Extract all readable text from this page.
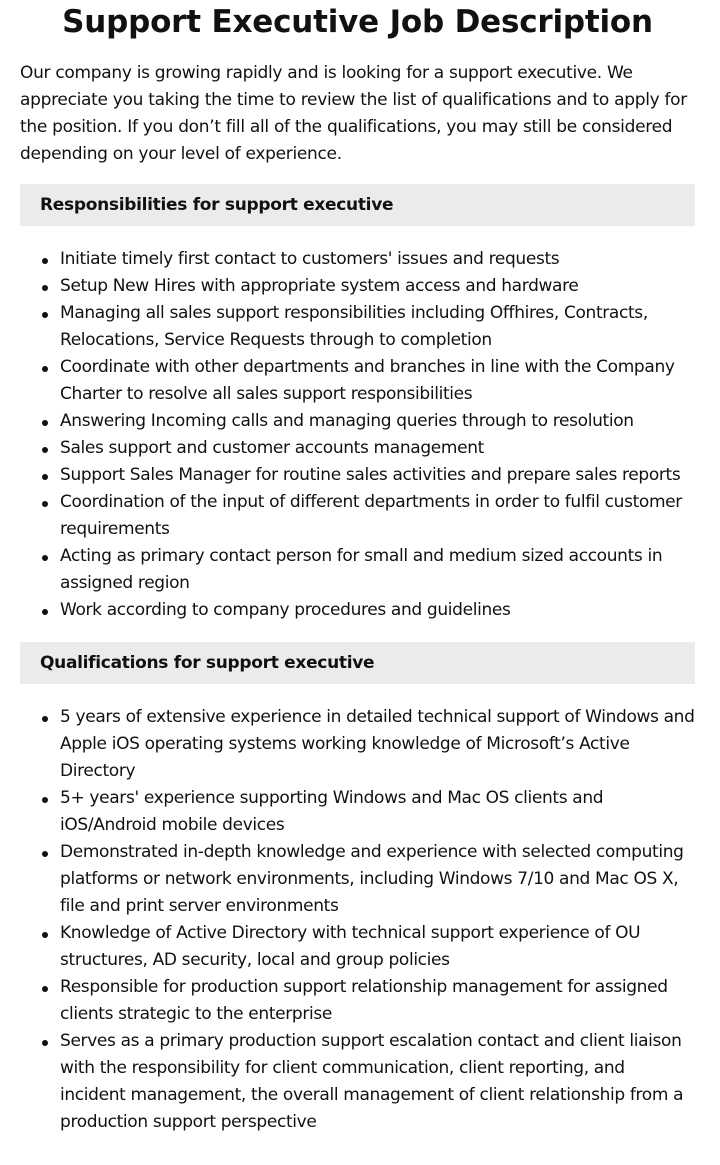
Support Executive Job Description

Our company is growing rapidly and is looking for a support executive. We appreciate you taking the time to review the list of qualifications and to apply for the position. If you don’t fill all of the qualifications, you may still be considered depending on your level of experience.

Responsibilities for support executive
Initiate timely first contact to customers' issues and requests
Setup New Hires with appropriate system access and hardware
Managing all sales support responsibilities including Offhires, Contracts, Relocations, Service Requests through to completion
Coordinate with other departments and branches in line with the Company Charter to resolve all sales support responsibilities
Answering Incoming calls and managing queries through to resolution
Sales support and customer accounts management
Support Sales Manager for routine sales activities and prepare sales reports
Coordination of the input of different departments in order to fulfil customer requirements
Acting as primary contact person for small and medium sized accounts in assigned region
Work according to company procedures and guidelines
Qualifications for support executive
5 years of extensive experience in detailed technical support of Windows and Apple iOS operating systems working knowledge of Microsoft’s Active Directory
5+ years' experience supporting Windows and Mac OS clients and iOS/Android mobile devices
Demonstrated in-depth knowledge and experience with selected computing platforms or network environments, including Windows 7/10 and Mac OS X, file and print server environments
Knowledge of Active Directory with technical support experience of OU structures, AD security, local and group policies
Responsible for production support relationship management for assigned clients strategic to the enterprise
Serves as a primary production support escalation contact and client liaison with the responsibility for client communication, client reporting, and incident management, the overall management of client relationship from a production support perspective
